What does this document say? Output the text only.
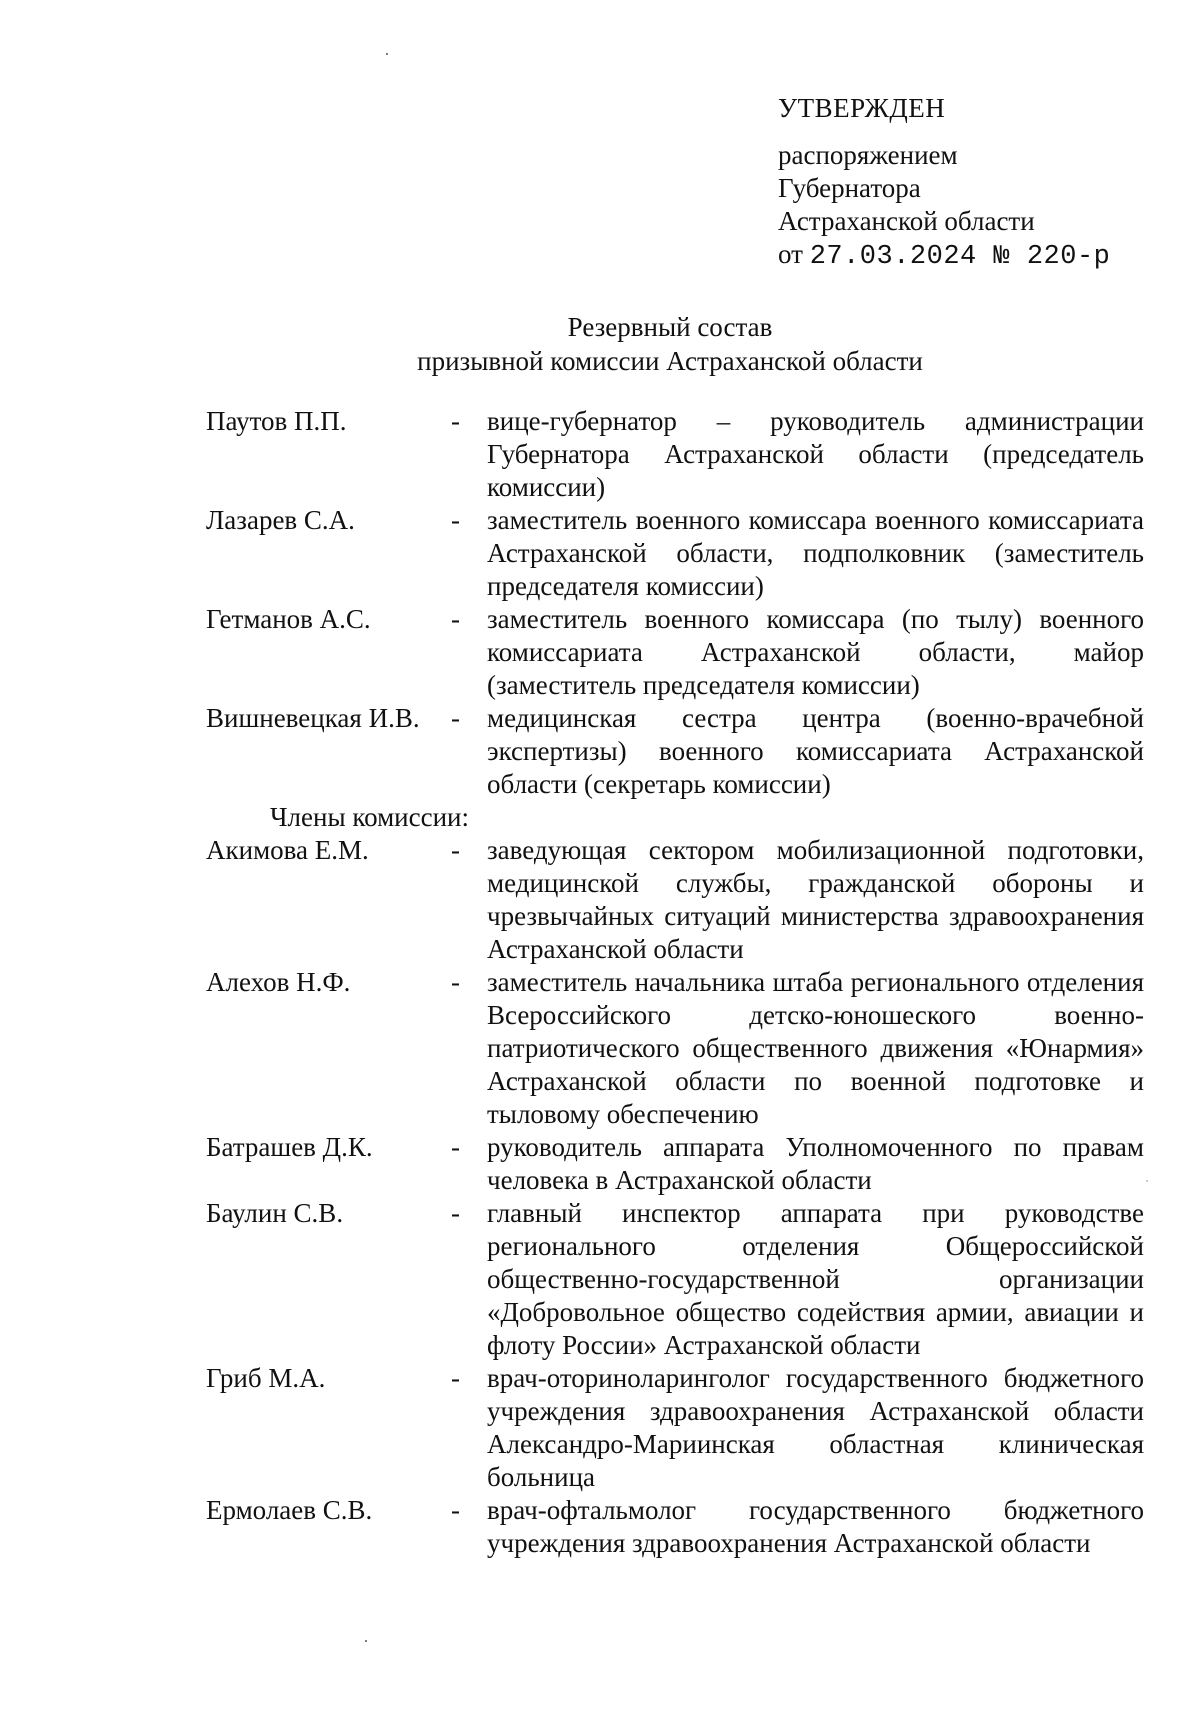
УТВЕРЖДЕН
распоряжением
Губернатора
Астраханской области
от 27.03.2024 № 220-р
Резервный состав
призывной комиссии Астраханской области
Паутов П.П.	-	вице-губернатор – руководитель администрации Губернатора Астраханской области (председатель комиссии)
Лазарев С.А.	-	заместитель военного комиссара военного комиссариата Астраханской области, подполковник (заместитель председателя комиссии)
Гетманов А.С.	-	заместитель военного комиссара (по тылу) военного комиссариата Астраханской области, майор (заместитель председателя комиссии)
Вишневецкая И.В.	-	медицинская сестра центра (военно-врачебной экспертизы) военного комиссариата Астраханской области (секретарь комиссии)
Члены комиссии:
Акимова Е.М.	-	заведующая сектором мобилизационной подготовки, медицинской службы, гражданской обороны и чрезвычайных ситуаций министерства здравоохранения Астраханской области
Алехов Н.Ф.	-	заместитель начальника штаба регионального отделения Всероссийского детско-юношеского военно-патриотического общественного движения «Юнармия» Астраханской области по военной подготовке и тыловому обеспечению
Батрашев Д.К.	-	руководитель аппарата Уполномоченного по правам человека в Астраханской области
Баулин С.В.	-	главный инспектор аппарата при руководстве регионального отделения Общероссийской общественно-государственной организации «Добровольное общество содействия армии, авиации и флоту России» Астраханской области
Гриб М.А.	-	врач-оториноларинголог государственного бюджетного учреждения здравоохранения Астраханской области Александро-Мариинская областная клиническая больница
Ермолаев С.В.	-	врач-офтальмолог государственного бюджетного учреждения здравоохранения Астраханской области
